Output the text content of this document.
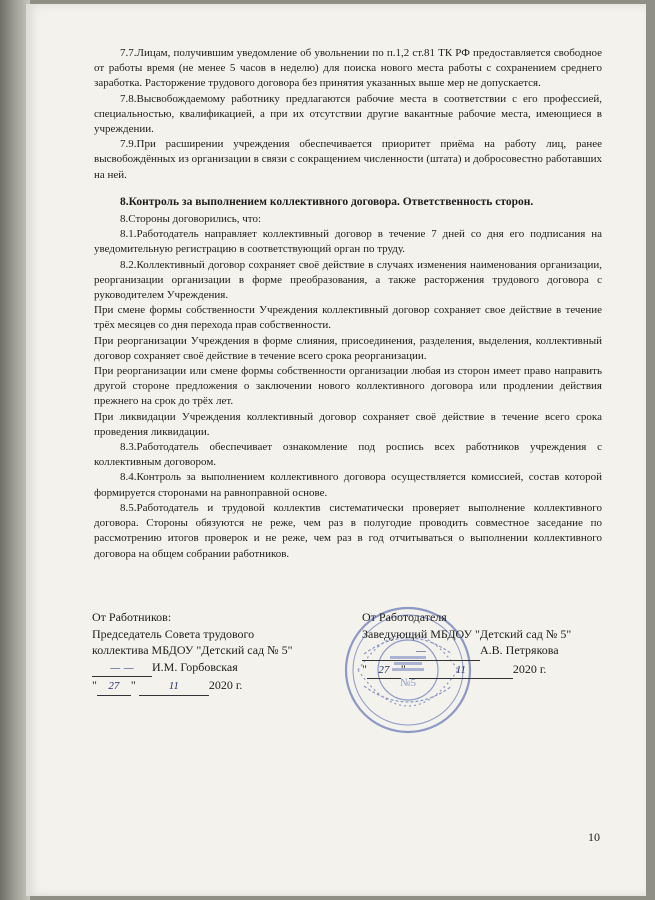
7.7.Лицам, получившим уведомление об увольнении по п.1,2 ст.81 ТК РФ предоставляется свободное от работы время (не менее 5 часов в неделю) для поиска нового места работы с сохранением среднего заработка. Расторжение трудового договора без принятия указанных выше мер не допускается.

7.8.Высвобождаемому работнику предлагаются рабочие места в соответствии с его профессией, специальностью, квалификацией, а при их отсутствии другие вакантные рабочие места, имеющиеся в учреждении.

7.9.При расширении учреждения обеспечивается приоритет приёма на работу лиц, ранее высвобождённых из организации в связи с сокращением численности (штата) и добросовестно работавших на ней.

8.Контроль за выполнением коллективного договора. Ответственность сторон.

8.Стороны договорились, что:

8.1.Работодатель направляет коллективный договор в течение 7 дней со дня его подписания на уведомительную регистрацию в соответствующий орган по труду.

8.2.Коллективный договор сохраняет своё действие в случаях изменения наименования организации, реорганизации организации в форме преобразования, а также расторжения трудового договора с руководителем Учреждения.

При смене формы собственности Учреждения коллективный договор сохраняет свое действие в течение трёх месяцев со дня перехода прав собственности.

При реорганизации Учреждения в форме слияния, присоединения, разделения, выделения, коллективный договор сохраняет своё действие в течение всего срока реорганизации.

При реорганизации или смене формы собственности организации любая из сторон имеет право направить другой стороне предложения о заключении нового коллективного договора или продлении действия прежнего на срок до трёх лет.

При ликвидации Учреждения коллективный договор сохраняет своё действие в течение всего срока проведения ликвидации.

8.3.Работодатель обеспечивает ознакомление под роспись всех работников учреждения с коллективным договором.

8.4.Контроль за выполнением коллективного договора осуществляется комиссией, состав которой формируется сторонами на равноправной основе.

8.5.Работодатель и трудовой коллектив систематически проверяет выполнение коллективного договора. Стороны обязуются не реже, чем раз в полугодие проводить совместное заседание по рассмотрению итогов проверок и не реже, чем раз в год отчитываться о выполнении коллективного договора на общем собрании работников.

№5

От Работников:

Председатель Совета трудового

коллектива МБДОУ "Детский сад № 5"

— — И.М. Горбовская

" 27 "	11 2020 г.

От Работодателя

Заведующий МБДОУ "Детский сад № 5"

—	А.В. Петрякова

" 27 "	11	2020 г.

10
